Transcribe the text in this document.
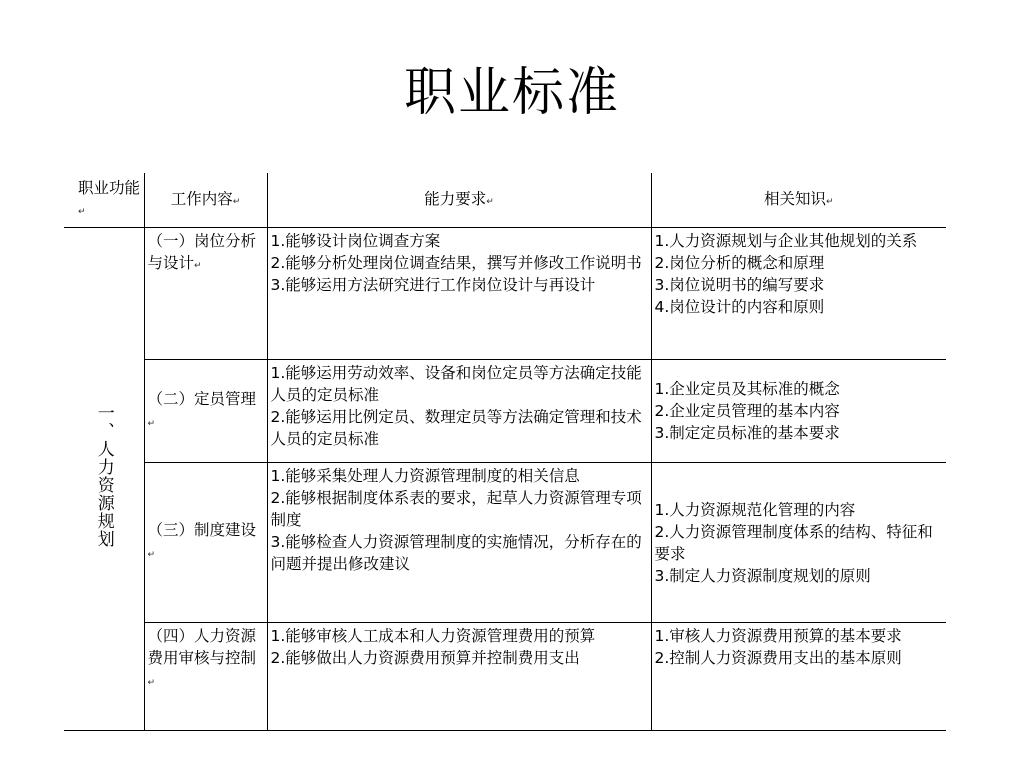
职业标准
职业功能↵	工作内容↵	能力要求↵	相关知识↵
一、人力资源规划	（一）岗位分析与设计↵	1.能够设计岗位调查方案
2.能够分析处理岗位调查结果，撰写并修改工作说明书
3.能够运用方法研究进行工作岗位设计与再设计	1.人力资源规划与企业其他规划的关系
2.岗位分析的概念和原理
3.岗位说明书的编写要求
4.岗位设计的内容和原则

	（二）定员管理↵	1.能够运用劳动效率、设备和岗位定员等方法确定技能人员的定员标准
2.能够运用比例定员、数理定员等方法确定管理和技术人员的定员标准	1.企业定员及其标准的概念
2.企业定员管理的基本内容
3.制定定员标准的基本要求

	（三）制度建设↵	1.能够采集处理人力资源管理制度的相关信息
2.能够根据制度体系表的要求，起草人力资源管理专项制度
3.能够检查人力资源管理制度的实施情况，分析存在的问题并提出修改建议	1.人力资源规范化管理的内容
2.人力资源管理制度体系的结构、特征和要求
3.制定人力资源制度规划的原则

	（四）人力资源费用审核与控制↵	1.能够审核人工成本和人力资源管理费用的预算
2.能够做出人力资源费用预算并控制费用支出	1.审核人力资源费用预算的基本要求
2.控制人力资源费用支出的基本原则
